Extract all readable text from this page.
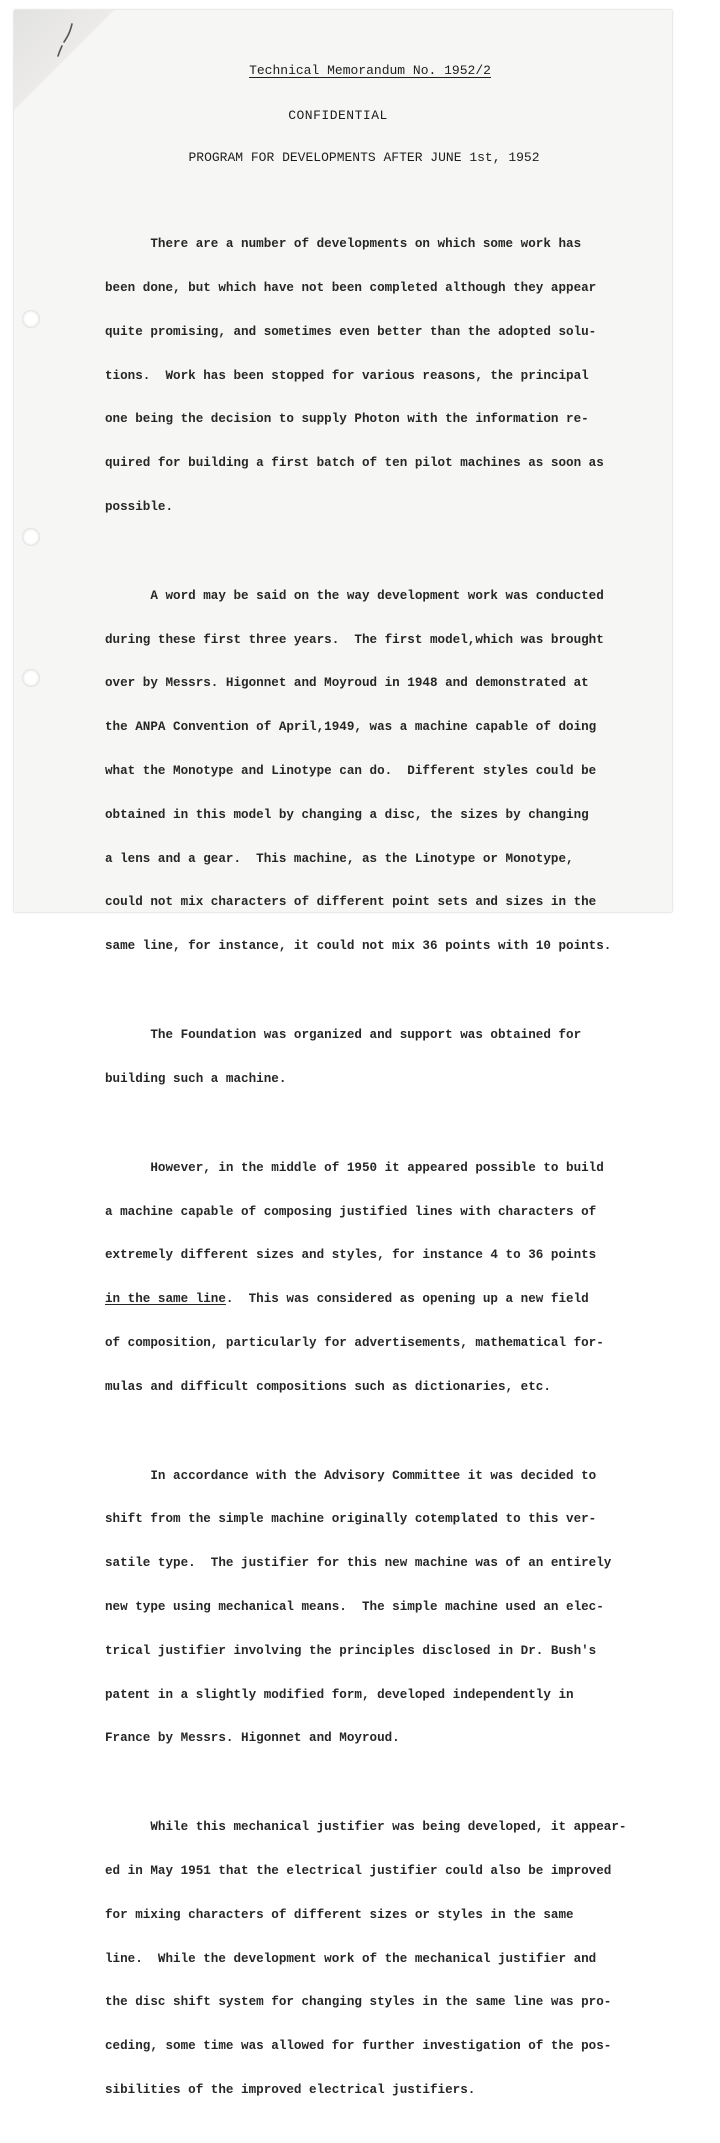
Technical Memorandum No. 1952/2
CONFIDENTIAL
PROGRAM FOR DEVELOPMENTS AFTER JUNE 1st, 1952

There are a number of developments on which some work has

been done, but which have not been completed although they appear

quite promising, and sometimes even better than the adopted solu-

tions.  Work has been stopped for various reasons, the principal

one being the decision to supply Photon with the information re-

quired for building a first batch of ten pilot machines as soon as

possible.

A word may be said on the way development work was conducted

during these first three years.  The first model,which was brought

over by Messrs. Higonnet and Moyroud in 1948 and demonstrated at

the ANPA Convention of April,1949, was a machine capable of doing

what the Monotype and Linotype can do.  Different styles could be

obtained in this model by changing a disc, the sizes by changing

a lens and a gear.  This machine, as the Linotype or Monotype,

could not mix characters of different point sets and sizes in the

same line, for instance, it could not mix 36 points with 10 points.

The Foundation was organized and support was obtained for

building such a machine.

However, in the middle of 1950 it appeared possible to build

a machine capable of composing justified lines with characters of

extremely different sizes and styles, for instance 4 to 36 points

in the same line.  This was considered as opening up a new field

of composition, particularly for advertisements, mathematical for-

mulas and difficult compositions such as dictionaries, etc.

In accordance with the Advisory Committee it was decided to

shift from the simple machine originally cotemplated to this ver-

satile type.  The justifier for this new machine was of an entirely

new type using mechanical means.  The simple machine used an elec-

trical justifier involving the principles disclosed in Dr. Bush's

patent in a slightly modified form, developed independently in

France by Messrs. Higonnet and Moyroud.

While this mechanical justifier was being developed, it appear-

ed in May 1951 that the electrical justifier could also be improved

for mixing characters of different sizes or styles in the same

line.  While the development work of the mechanical justifier and

the disc shift system for changing styles in the same line was pro-

ceding, some time was allowed for further investigation of the pos-

sibilities of the improved electrical justifiers.
